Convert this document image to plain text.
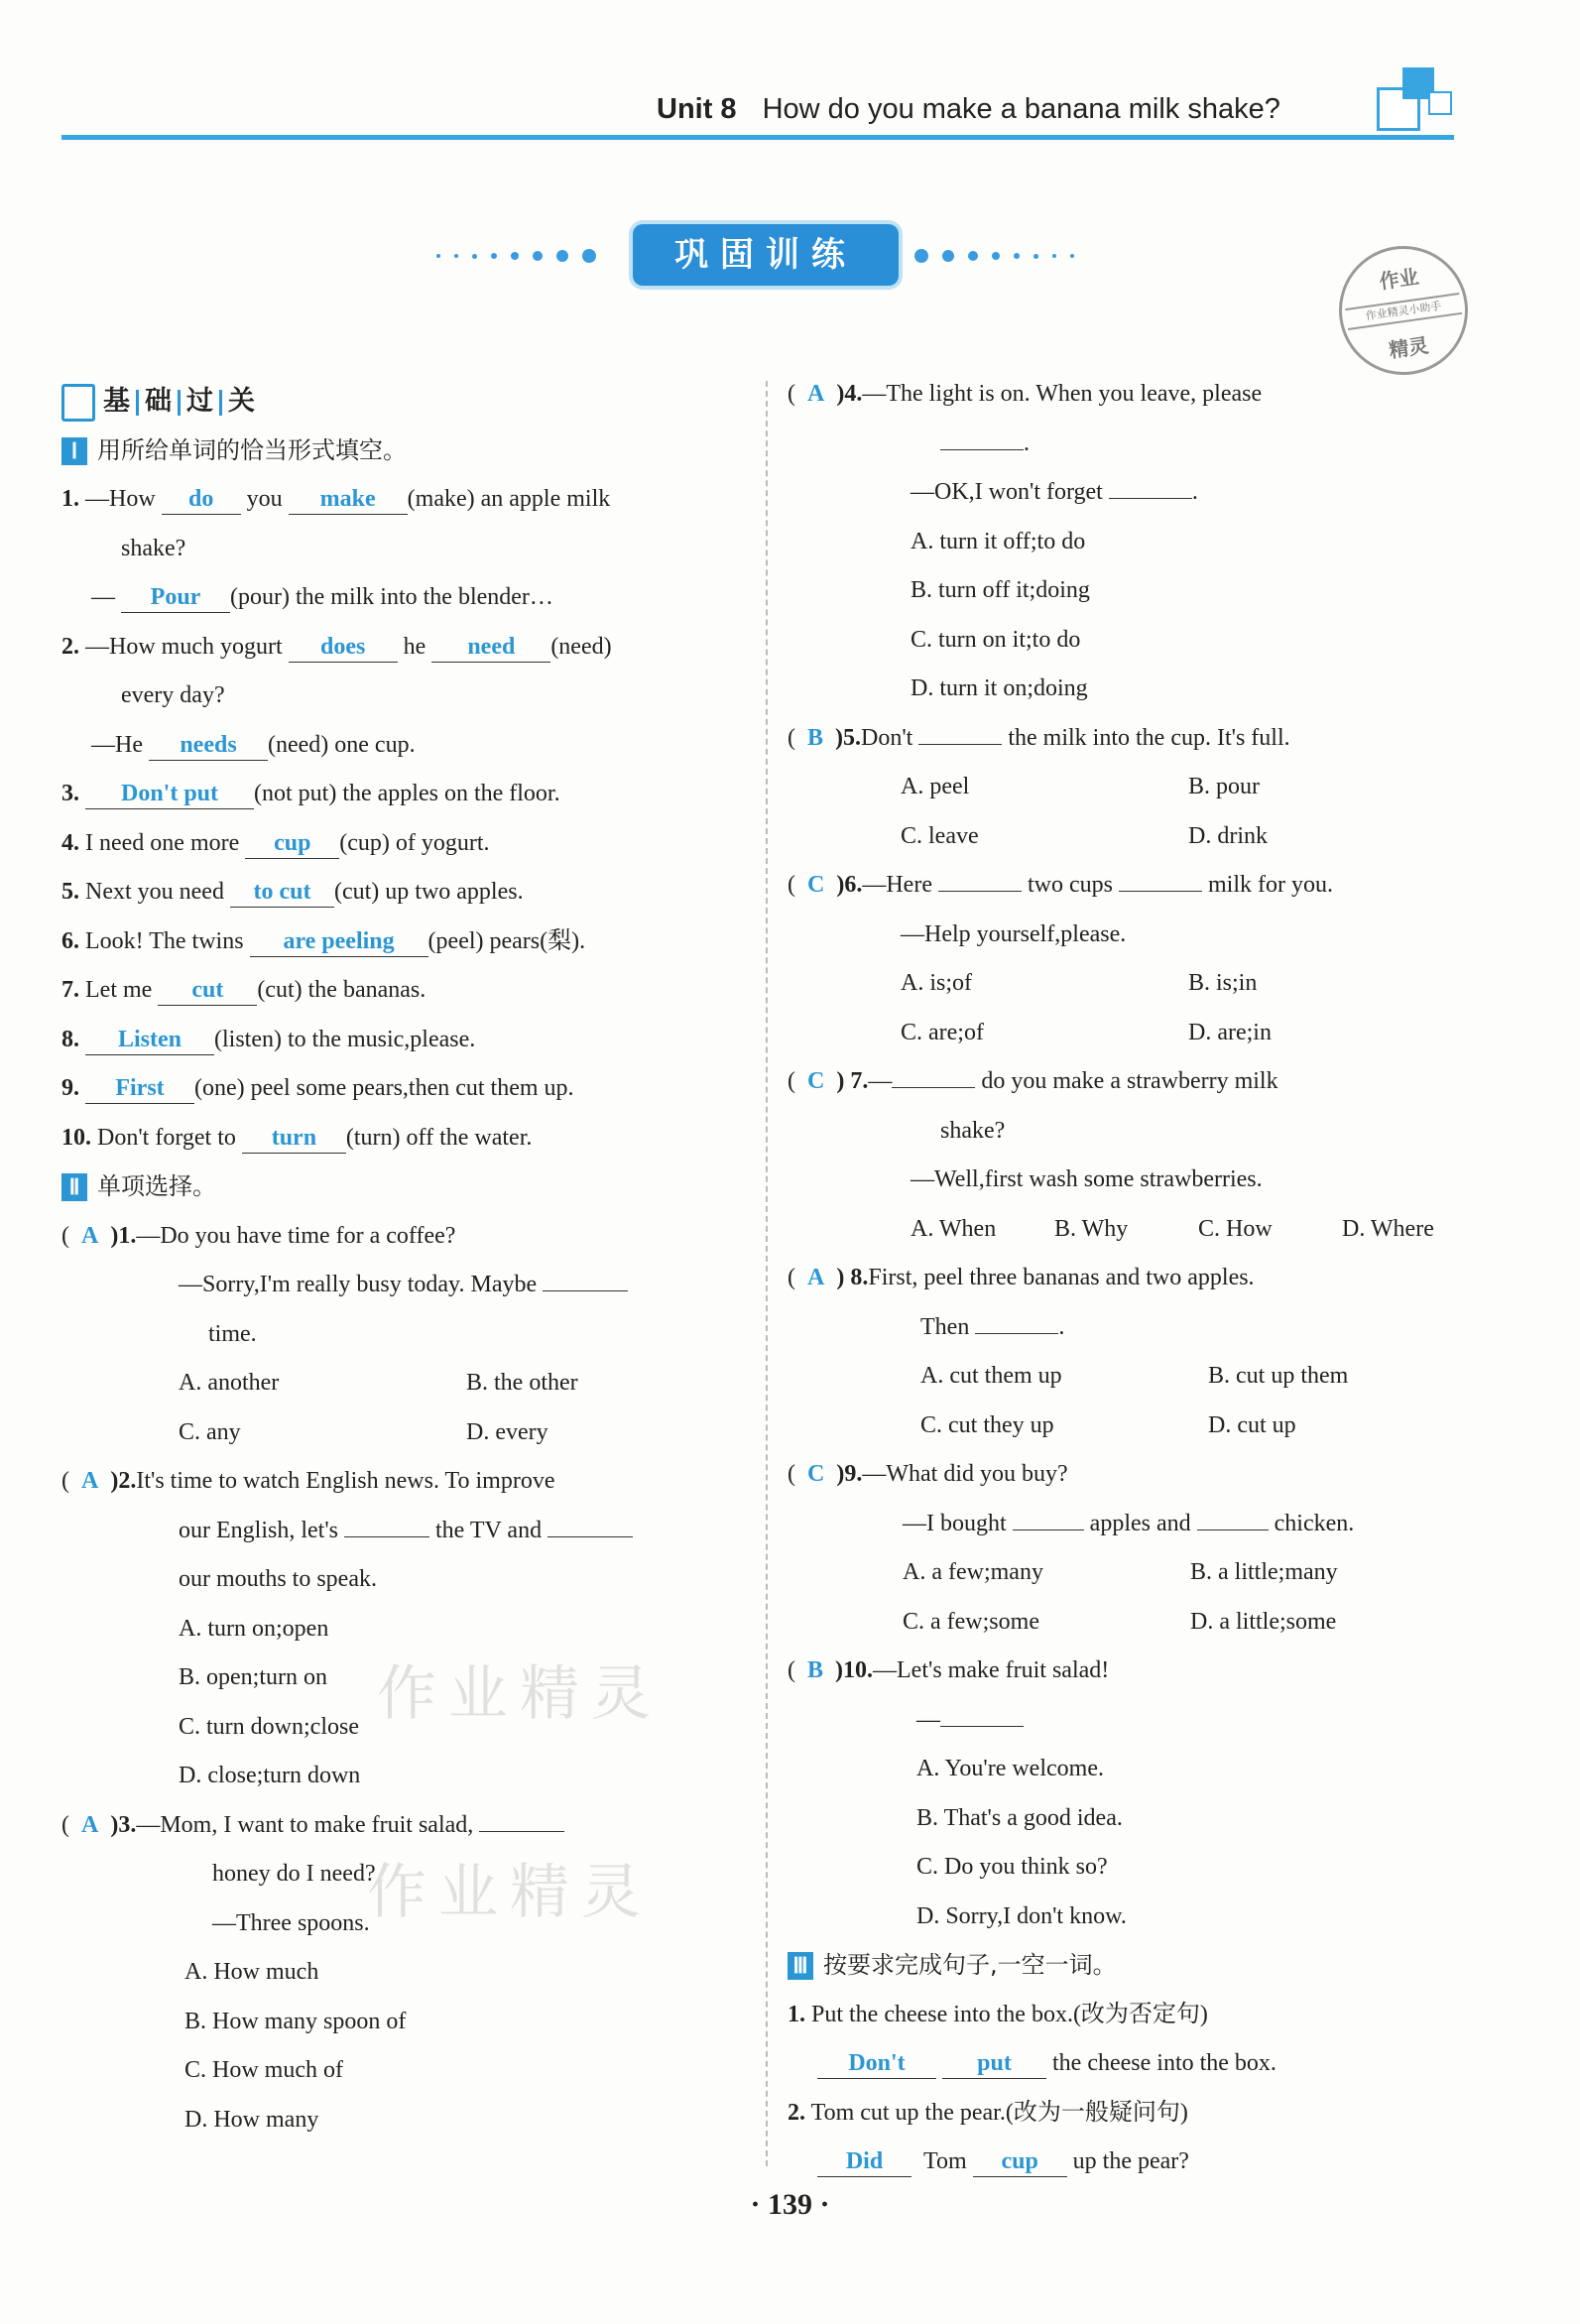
Unit 8 How do you make a banana milk shake?
巩固训练
作业
作业精灵小助手
精灵
作业精灵
作业精灵
基 础 过 关
Ⅰ 用所给单词的恰当形式填空。
1. —How do you make (make) an apple milk
shake?
— Pour (pour) the milk into the blender…
2. —How much yogurt does he need (need)
every day?
—He needs (need) one cup.
3. Don't put (not put) the apples on the floor.
4. I need one more cup (cup) of yogurt.
5. Next you need to cut (cut) up two apples.
6. Look! The twins are peeling (peel) pears(梨).
7. Let me cut (cut) the bananas.
8. Listen (listen) to the music,please.
9. First (one) peel some pears,then cut them up.
10. Don't forget to turn (turn) off the water.
Ⅱ 单项选择。
(  A )1.—Do you have time for a coffee?
—Sorry,I'm really busy today. Maybe
time.
A. another	B. the other
C. any	D. every
(  A )2.It's time to watch English news. To improve
our English, let's	the TV and
our mouths to speak.
A. turn on;open
B. open;turn on
C. turn down;close
D. close;turn down
(  A )3.—Mom, I want to make fruit salad,
honey do I need?
—Three spoons.
A. How much
B. How many spoon of
C. How much of
D. How many
(  A )4.—The light is on. When you leave, please
.
—OK,I won't forget	.
A. turn it off;to do
B. turn off it;doing
C. turn on it;to do
D. turn it on;doing
(  B )5.Don't	the milk into the cup. It's full.
A. peel	B. pour
C. leave	D. drink
(  C )6.—Here	two cups	milk for you.
—Help yourself,please.
A. is;of	B. is;in
C. are;of	D. are;in
(  C ) 7.—	do you make a strawberry milk
shake?
—Well,first wash some strawberries.
A. When B. Why	C. How	D. Where
(  A ) 8.First, peel three bananas and two apples.
Then	.
A. cut them up	B. cut up them
C. cut they up	D. cut up
(  C )9.—What did you buy?
—I bought	apples and	chicken.
A. a few;many	B. a little;many
C. a few;some	D. a little;some
(  B )10.—Let's make fruit salad!
—
A. You're welcome.
B. That's a good idea.
C. Do you think so?
D. Sorry,I don't know.
Ⅲ 按要求完成句子,一空一词。
1. Put the cheese into the box.(改为否定句)
Don't	put the cheese into the box.
2. Tom cut up the pear.(改为一般疑问句)
Did Tom cup up the pear?
· 139 ·
